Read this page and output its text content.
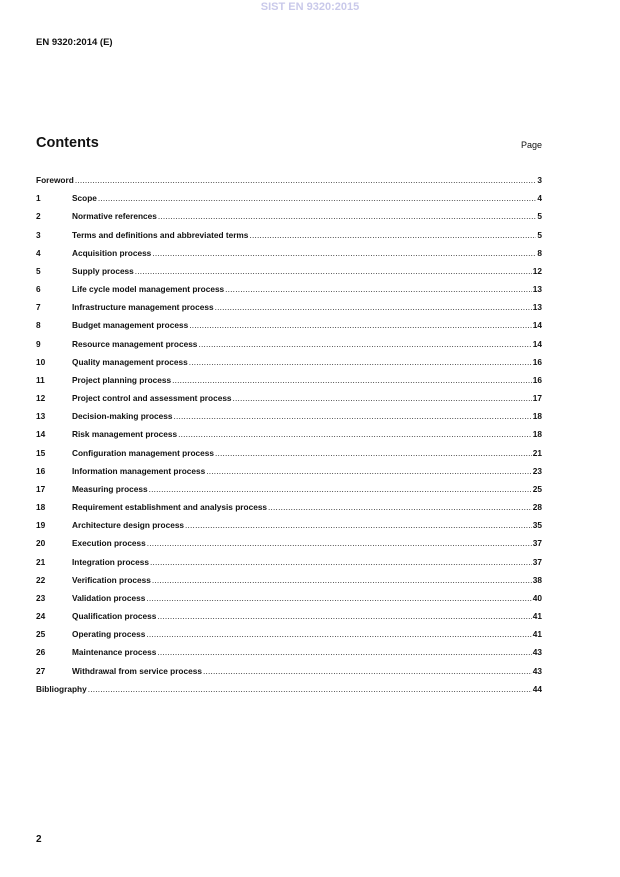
SIST EN 9320:2015
EN 9320:2014 (E)
Contents	Page
Foreword .....	3
1	Scope .....	4
2	Normative references .....	5
3	Terms and definitions and abbreviated terms .....	5
4	Acquisition process .....	8
5	Supply process .....	12
6	Life cycle model management process .....	13
7	Infrastructure management process .....	13
8	Budget management process .....	14
9	Resource management process .....	14
10	Quality management process .....	16
11	Project planning process .....	16
12	Project control and assessment process .....	17
13	Decision-making process .....	18
14	Risk management process .....	18
15	Configuration management process .....	21
16	Information management process .....	23
17	Measuring process .....	25
18	Requirement establishment and analysis process .....	28
19	Architecture design process .....	35
20	Execution process .....	37
21	Integration process .....	37
22	Verification process .....	38
23	Validation process .....	40
24	Qualification process .....	41
25	Operating process .....	41
26	Maintenance process .....	43
27	Withdrawal from service process .....	43
Bibliography .....	44
2
